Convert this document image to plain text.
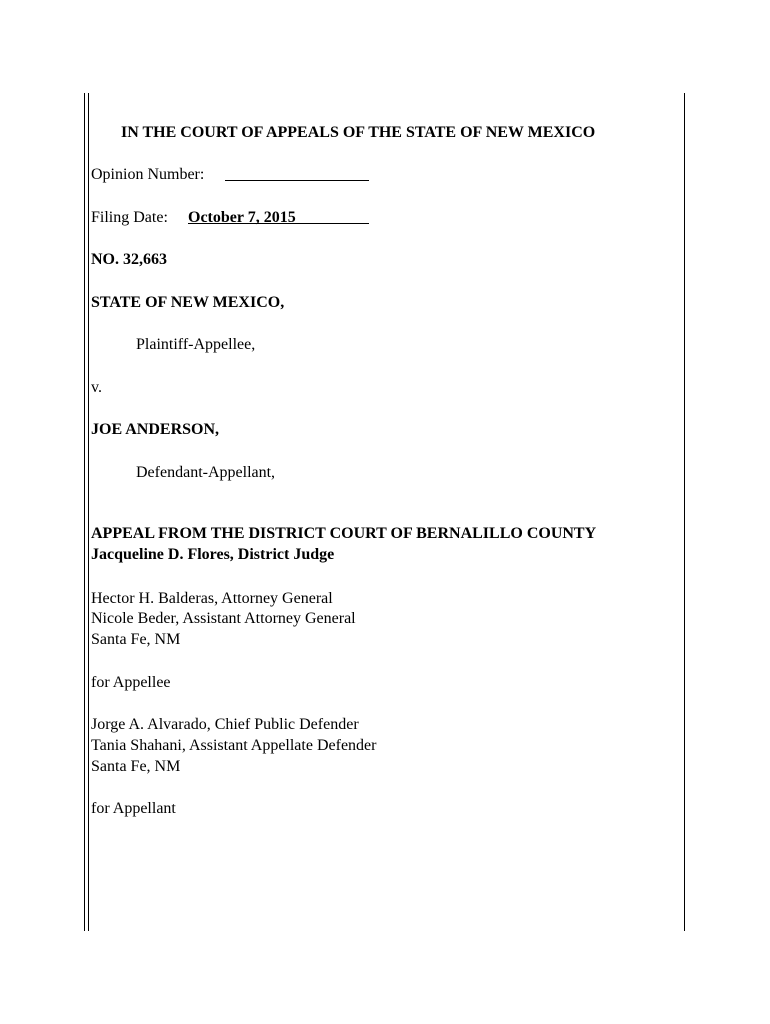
IN THE COURT OF APPEALS OF THE STATE OF NEW MEXICO
Opinion Number:
Filing Date: October 7, 2015
NO. 32,663
STATE OF NEW MEXICO,
Plaintiff-Appellee,
v.
JOE ANDERSON,
Defendant-Appellant,
APPEAL FROM THE DISTRICT COURT OF BERNALILLO COUNTY
Jacqueline D. Flores, District Judge
Hector H. Balderas, Attorney General
Nicole Beder, Assistant Attorney General
Santa Fe, NM
for Appellee
Jorge A. Alvarado, Chief Public Defender
Tania Shahani, Assistant Appellate Defender
Santa Fe, NM
for Appellant
